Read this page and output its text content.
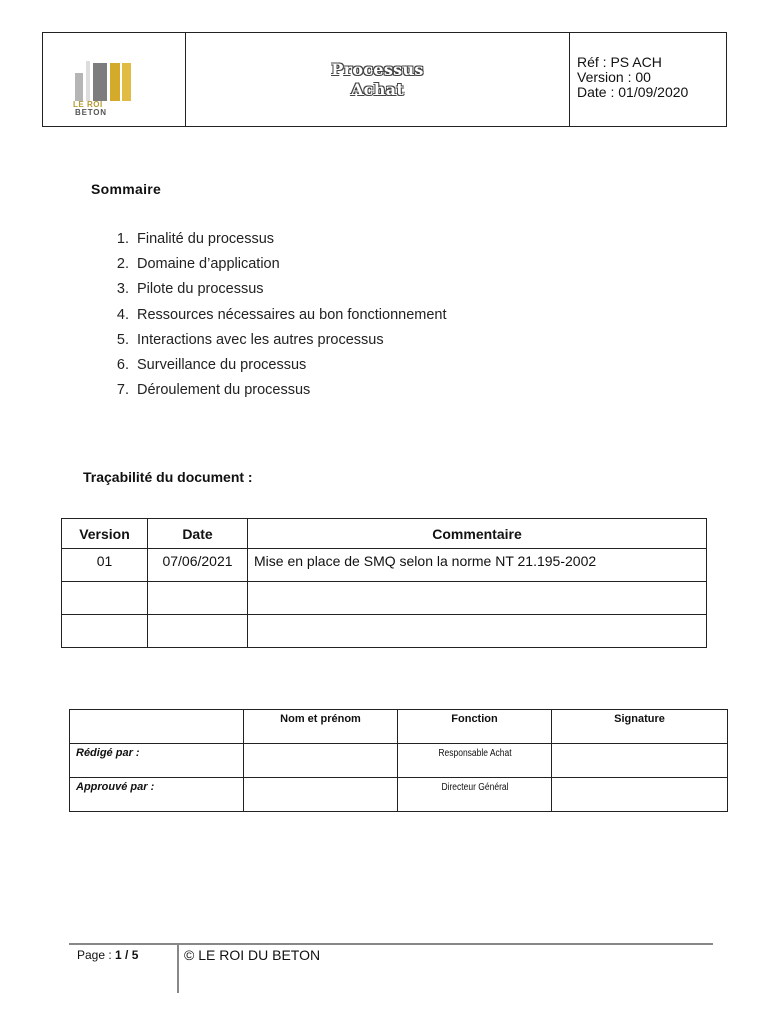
LE ROI
BETON
Processus
Achat
Réf : PS ACH
Version : 00
Date : 01/09/2020
Sommaire
1. Finalité du processus
2. Domaine d’application
3. Pilote du processus
4. Ressources nécessaires au bon fonctionnement
5. Interactions avec les autres processus
6. Surveillance du processus
7. Déroulement du processus
Traçabilité du document :
Version	Date	Commentaire
01	07/06/2021	Mise en place de SMQ selon la norme NT 21.195-2002

	Nom et prénom	Fonction	Signature
Rédigé par :		Responsable Achat	
Approuvé par :		Directeur Général	
Page : 1 / 5	© LE ROI DU BETON
